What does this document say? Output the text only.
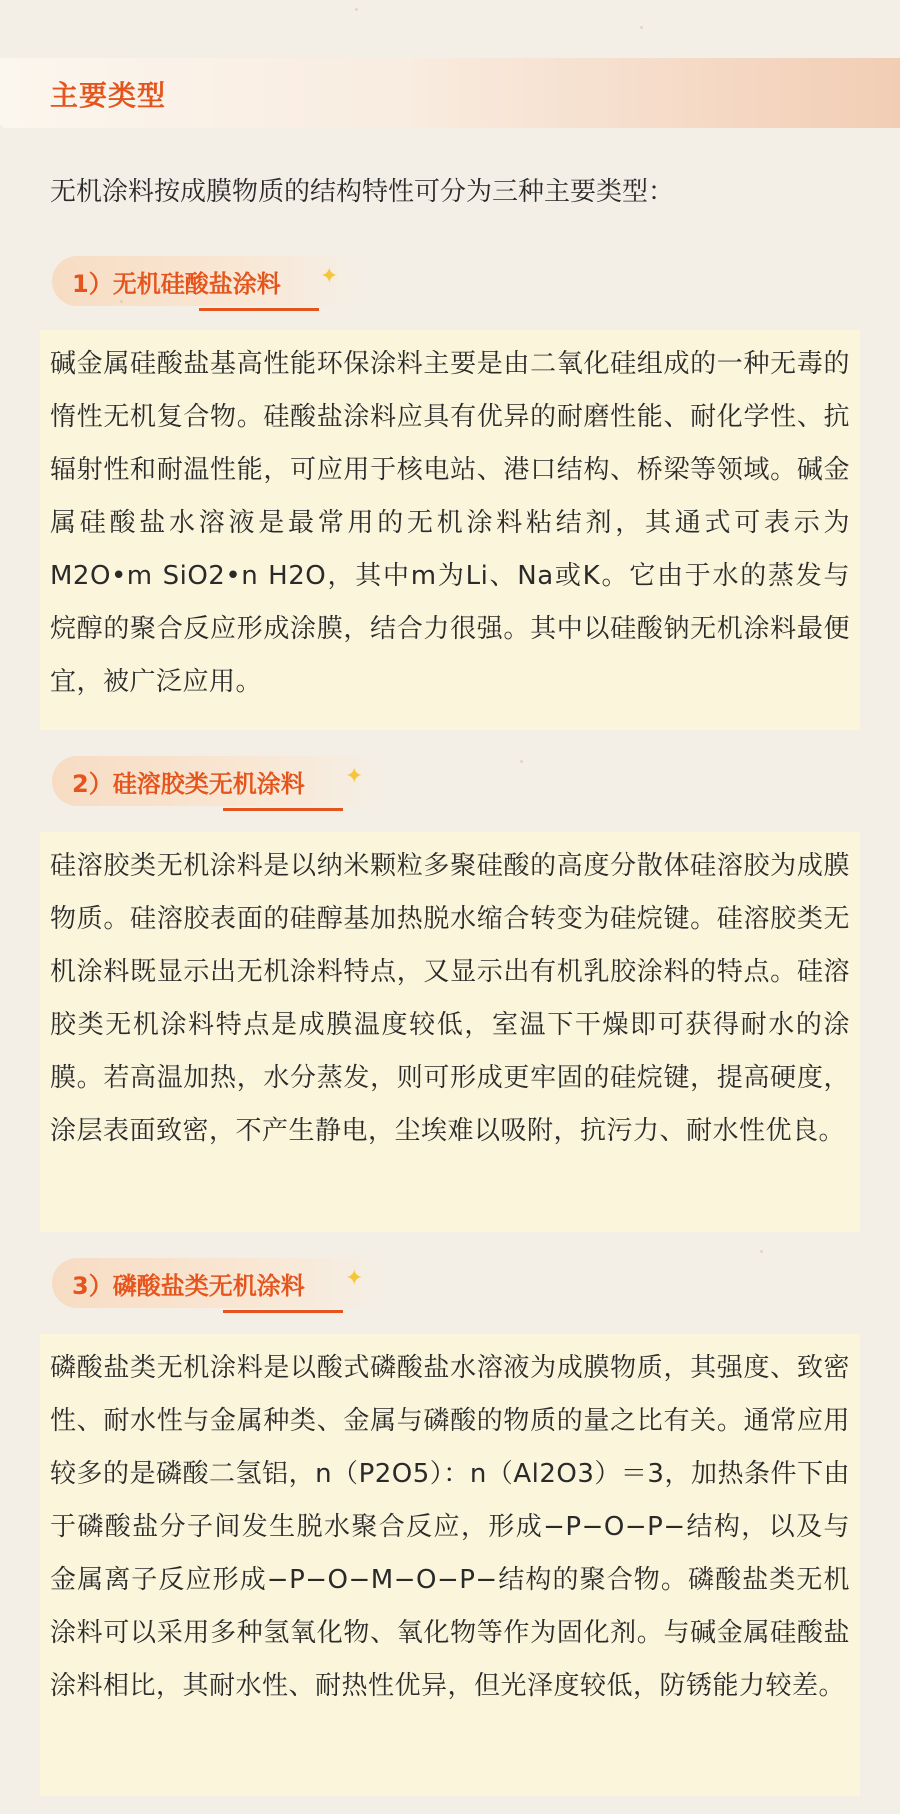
主要类型
无机涂料按成膜物质的结构特性可分为三种主要类型：
1）无机硅酸盐涂料 ✦
碱金属硅酸盐基高性能环保涂料主要是由二氧化硅组成的一种无毒的惰性无机复合物。硅酸盐涂料应具有优异的耐磨性能、耐化学性、抗辐射性和耐温性能，可应用于核电站、港口结构、桥梁等领域。碱金属硅酸盐水溶液是最常用的无机涂料粘结剂，其通式可表示为M2O•m SiO2•n H2O，其中m为Li、Na或K。它由于水的蒸发与烷醇的聚合反应形成涂膜，结合力很强。其中以硅酸钠无机涂料最便宜，被广泛应用。
2）硅溶胶类无机涂料 ✦
硅溶胶类无机涂料是以纳米颗粒多聚硅酸的高度分散体硅溶胶为成膜物质。硅溶胶表面的硅醇基加热脱水缩合转变为硅烷键。硅溶胶类无机涂料既显示出无机涂料特点，又显示出有机乳胶涂料的特点。硅溶胶类无机涂料特点是成膜温度较低，室温下干燥即可获得耐水的涂膜。若高温加热，水分蒸发，则可形成更牢固的硅烷键，提高硬度，涂层表面致密，不产生静电，尘埃难以吸附，抗污力、耐水性优良。
3）磷酸盐类无机涂料 ✦
磷酸盐类无机涂料是以酸式磷酸盐水溶液为成膜物质，其强度、致密性、耐水性与金属种类、金属与磷酸的物质的量之比有关。通常应用较多的是磷酸二氢铝，n（P2O5）：n（Al2O3）＝3，加热条件下由于磷酸盐分子间发生脱水聚合反应，形成−P−O−P−结构，以及与金属离子反应形成−P−O−M−O−P−结构的聚合物。磷酸盐类无机涂料可以采用多种氢氧化物、氧化物等作为固化剂。与碱金属硅酸盐涂料相比，其耐水性、耐热性优异，但光泽度较低，防锈能力较差。
